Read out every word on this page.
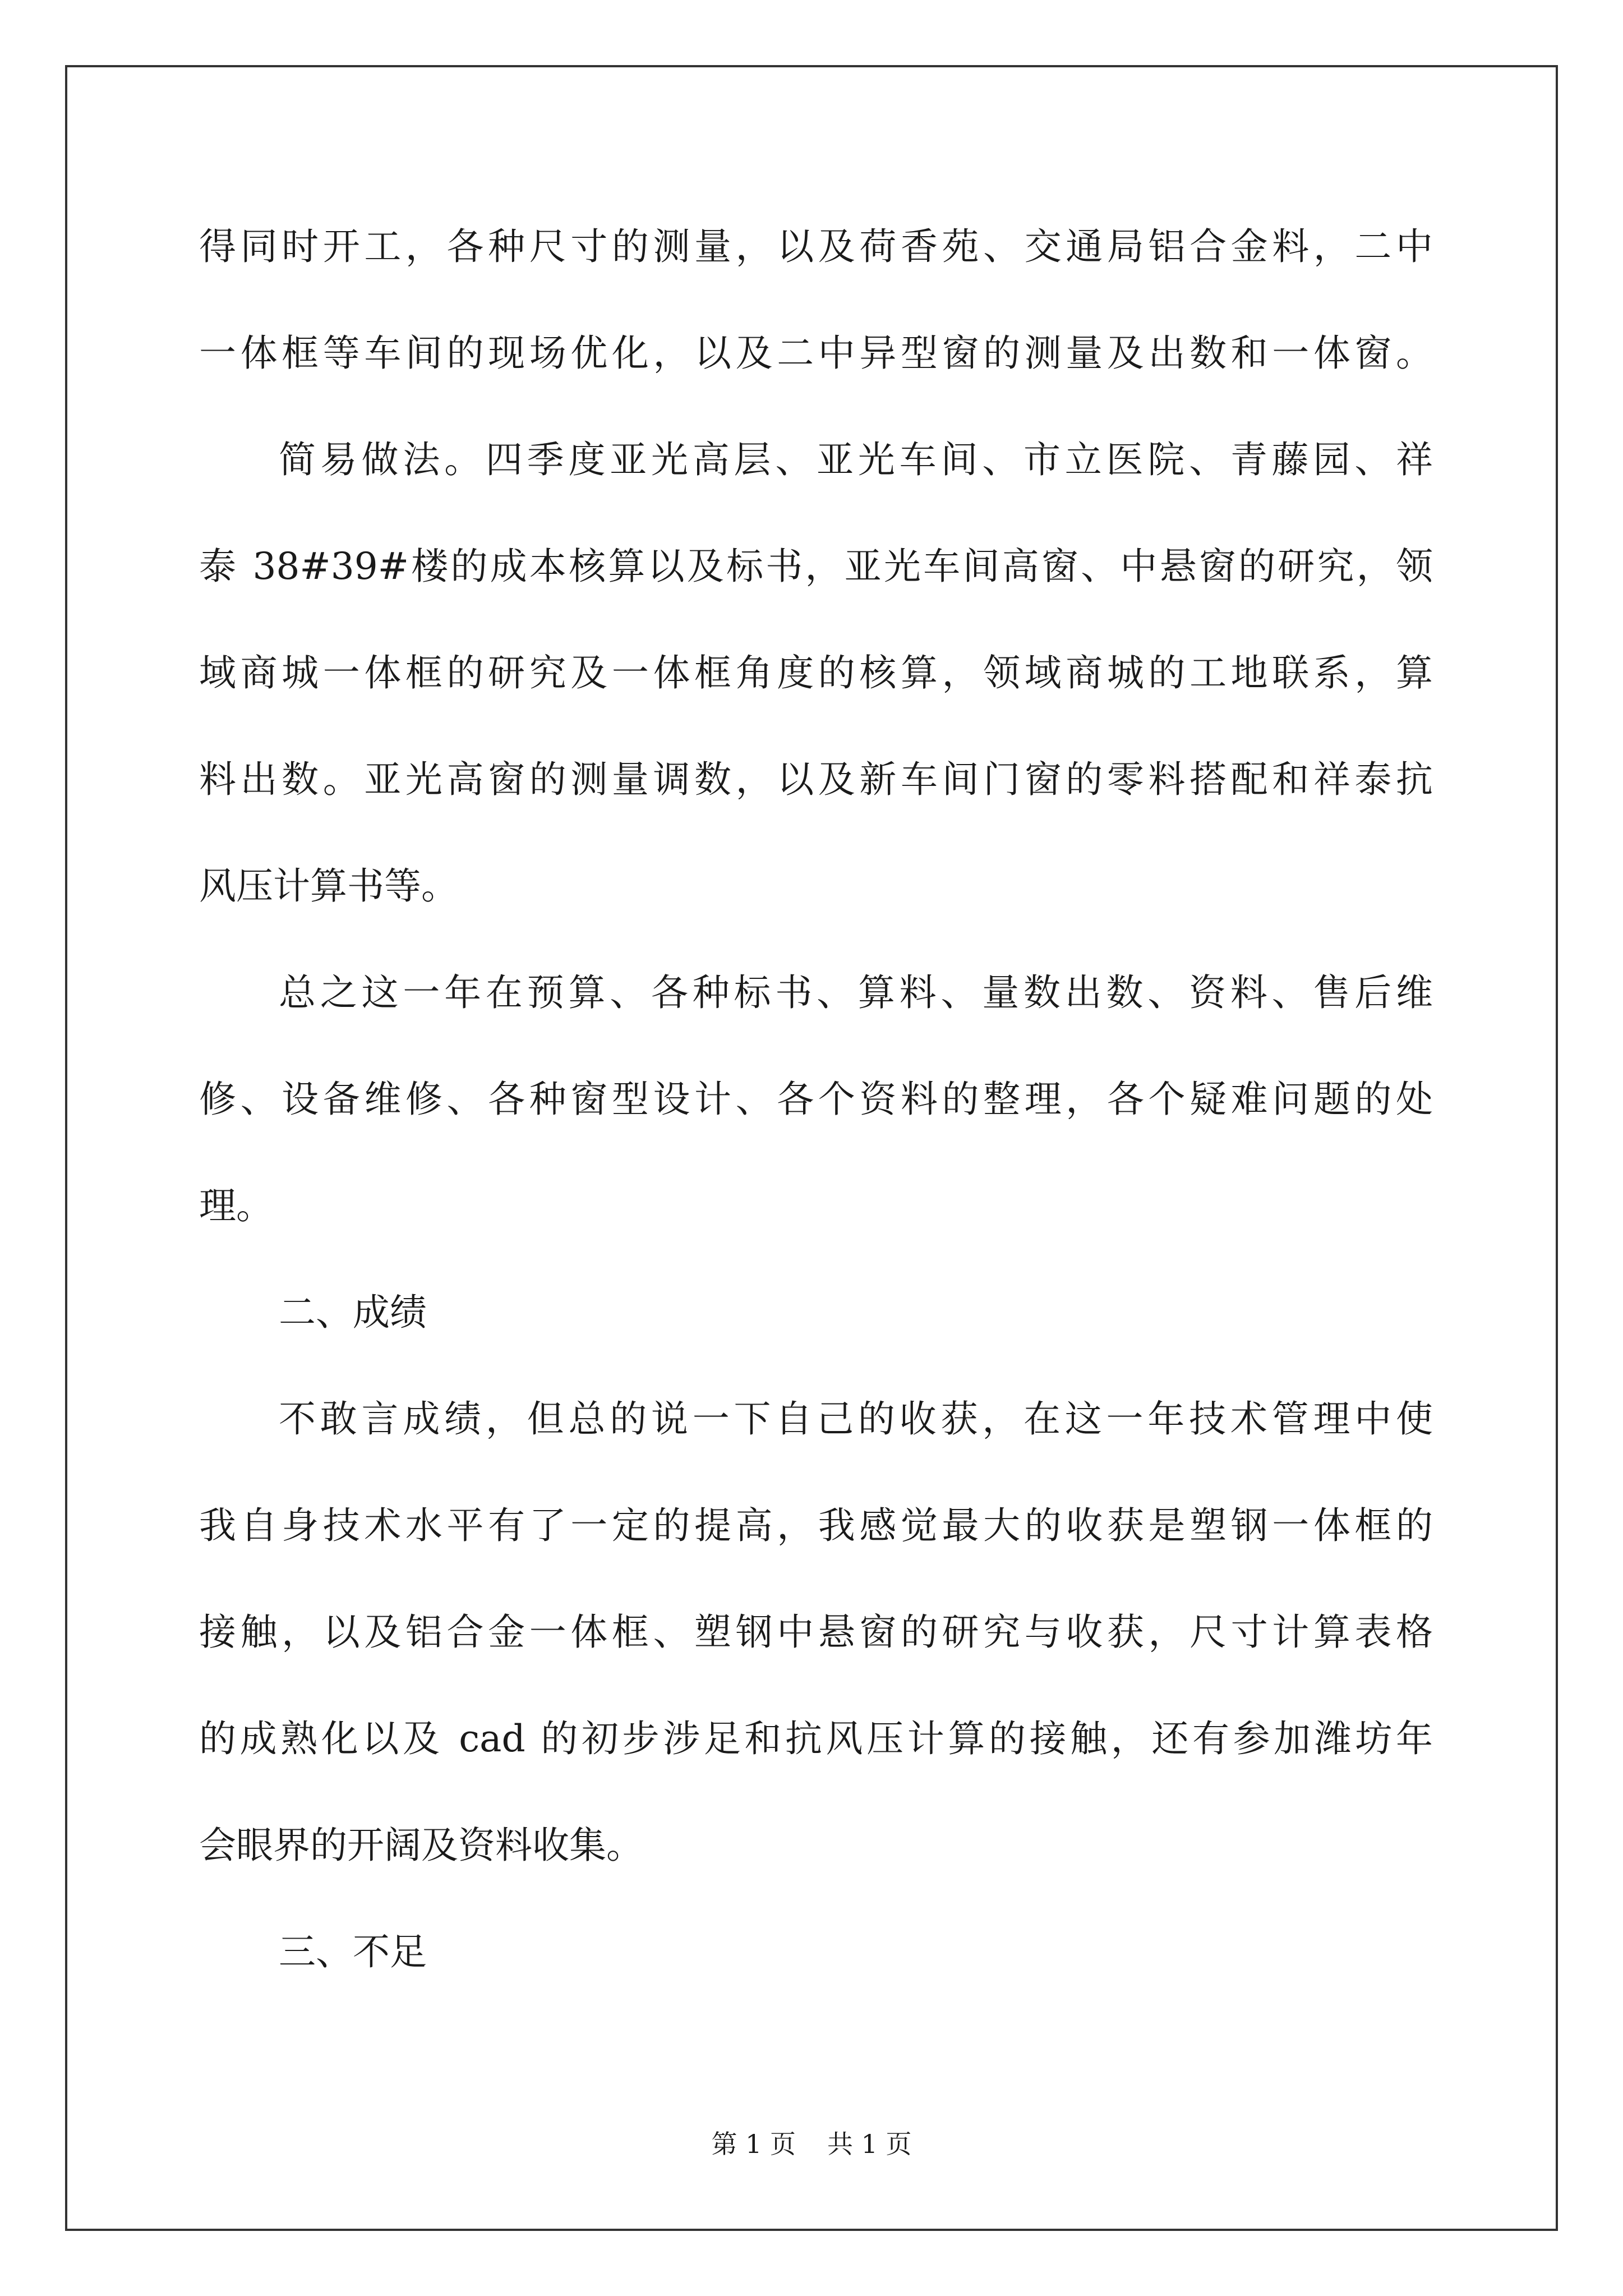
得同时开工，各种尺寸的测量，以及荷香苑、交通局铝合金料，二中
一体框等车间的现场优化，以及二中异型窗的测量及出数和一体窗。
简易做法。四季度亚光高层、亚光车间、市立医院、青藤园、祥
泰 38#39#楼的成本核算以及标书，亚光车间高窗、中悬窗的研究，领
域商城一体框的研究及一体框角度的核算，领域商城的工地联系，算
料出数。亚光高窗的测量调数，以及新车间门窗的零料搭配和祥泰抗
风压计算书等。
总之这一年在预算、各种标书、算料、量数出数、资料、售后维
修、设备维修、各种窗型设计、各个资料的整理，各个疑难问题的处
理。
二、成绩
不敢言成绩，但总的说一下自己的收获，在这一年技术管理中使
我自身技术水平有了一定的提高，我感觉最大的收获是塑钢一体框的
接触，以及铝合金一体框、塑钢中悬窗的研究与收获，尺寸计算表格
的成熟化以及 cad 的初步涉足和抗风压计算的接触，还有参加潍坊年
会眼界的开阔及资料收集。
三、不足
第 1 页 共 1 页
